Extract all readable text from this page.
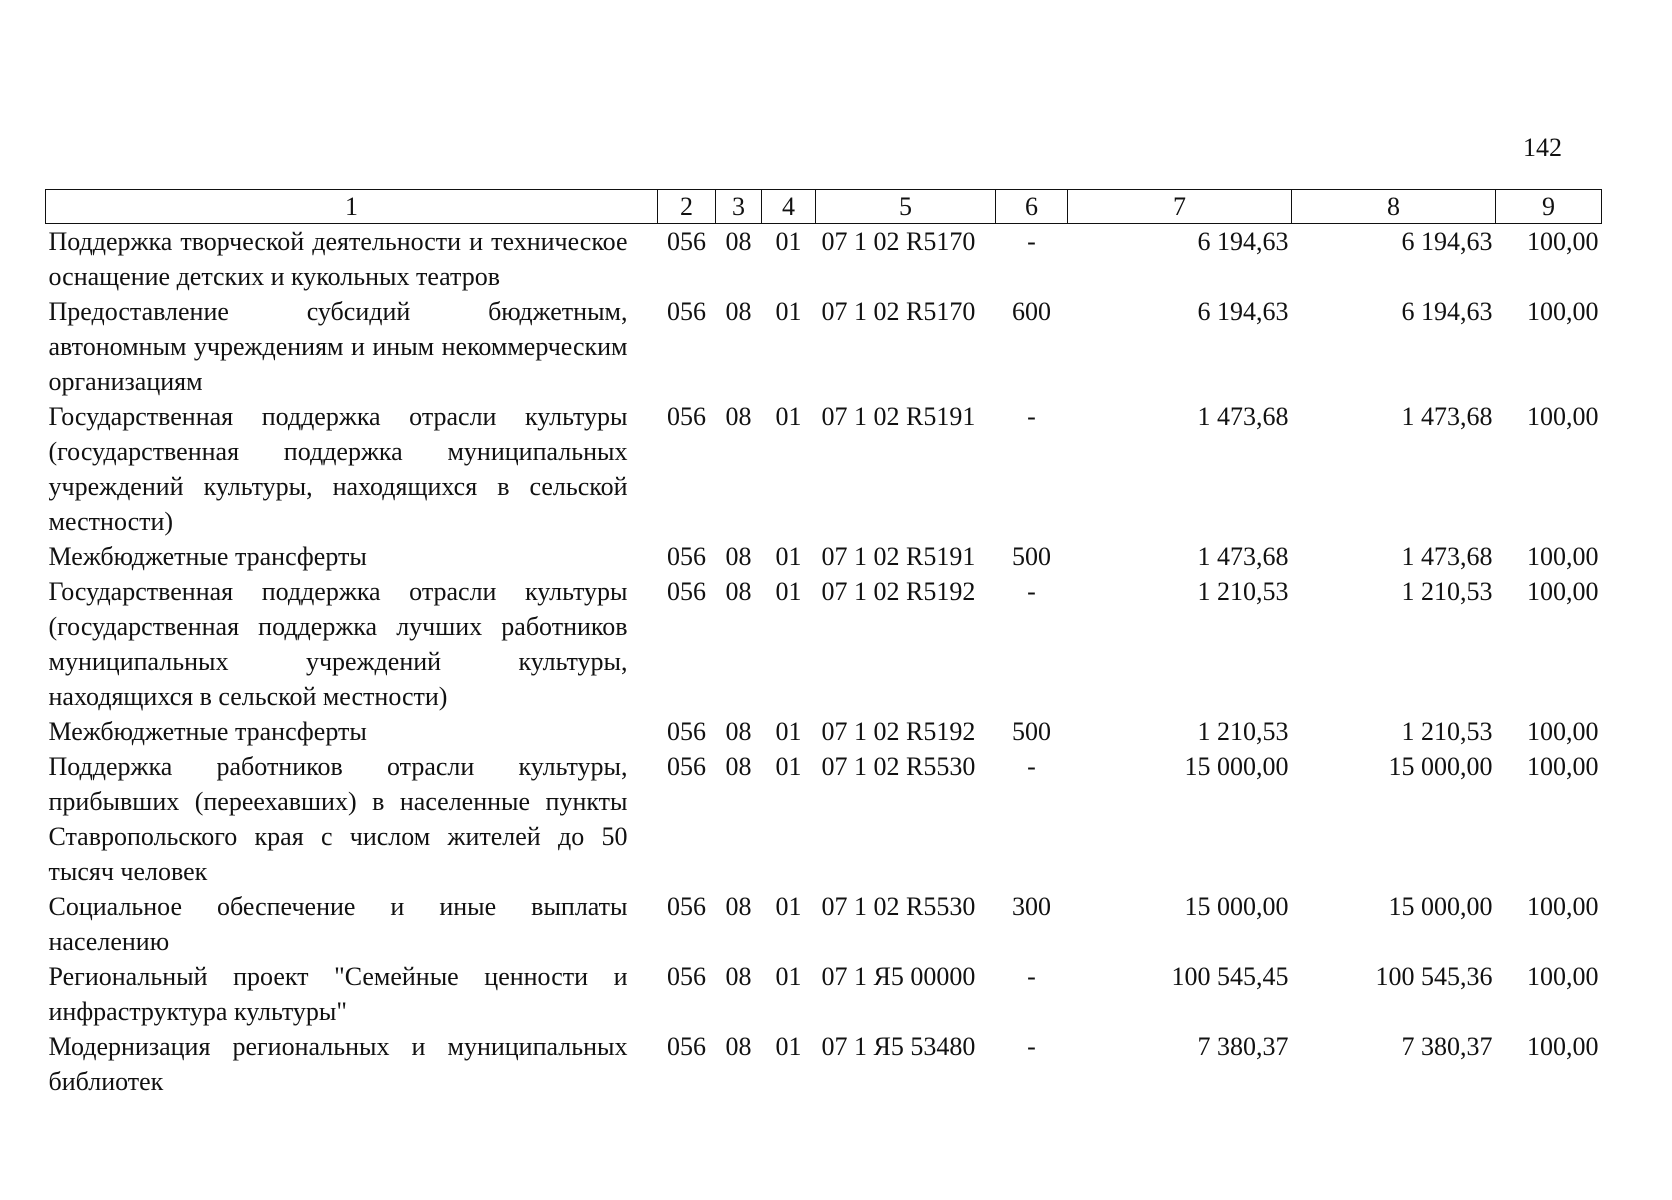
142
1	2	3	4	5	6	7	8	9
Поддержка творческой деятельности и техническое оснащение детских и кукольных театров	056	08	01	07 1 02 R5170	-	6 194,63	6 194,63	100,00
Предоставление субсидий бюджетным, автономным учреждениям и иным некоммерческим организациям	056	08	01	07 1 02 R5170	600	6 194,63	6 194,63	100,00
Государственная поддержка отрасли культуры (государственная поддержка муниципальных учреждений культуры, находящихся в сельской местности)	056	08	01	07 1 02 R5191	-	1 473,68	1 473,68	100,00
Межбюджетные трансферты	056	08	01	07 1 02 R5191	500	1 473,68	1 473,68	100,00
Государственная поддержка отрасли культуры (государственная поддержка лучших работников муниципальных учреждений культуры, находящихся в сельской местности)	056	08	01	07 1 02 R5192	-	1 210,53	1 210,53	100,00
Межбюджетные трансферты	056	08	01	07 1 02 R5192	500	1 210,53	1 210,53	100,00
Поддержка работников отрасли культуры, прибывших (переехавших) в населенные пункты Ставропольского края с числом жителей до 50 тысяч человек	056	08	01	07 1 02 R5530	-	15 000,00	15 000,00	100,00
Социальное обеспечение и иные выплаты населению	056	08	01	07 1 02 R5530	300	15 000,00	15 000,00	100,00
Региональный проект "Семейные ценности и инфраструктура культуры"	056	08	01	07 1 Я5 00000	-	100 545,45	100 545,36	100,00
Модернизация региональных и муниципальных библиотек	056	08	01	07 1 Я5 53480	-	7 380,37	7 380,37	100,00
